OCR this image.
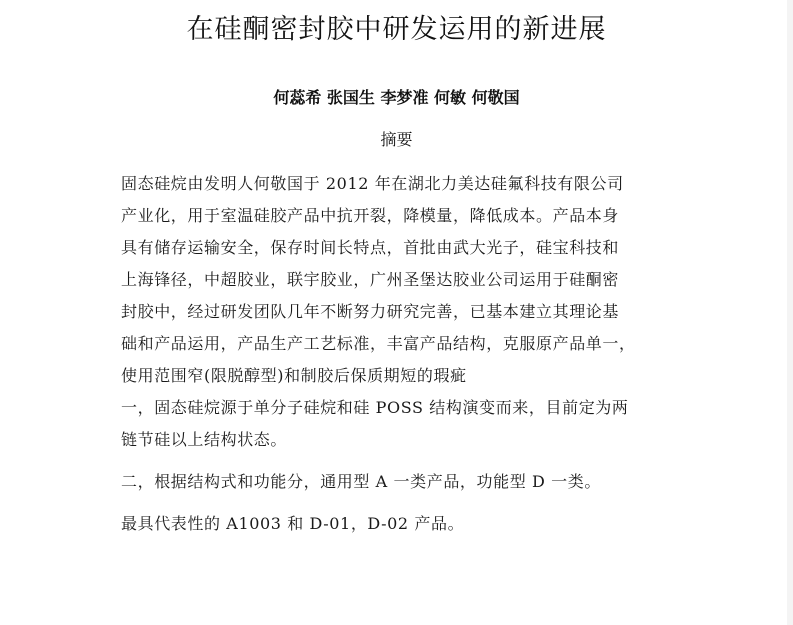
在硅酮密封胶中研发运用的新进展
何蕊希 张国生 李梦准 何敏 何敬国
摘要
固态硅烷由发明人何敬国于 2012 年在湖北力美达硅氟科技有限公司
产业化，用于室温硅胶产品中抗开裂，降模量，降低成本。产品本身
具有储存运输安全，保存时间长特点，首批由武大光子，硅宝科技和
上海锋径，中超胶业，联宇胶业，广州圣堡达胶业公司运用于硅酮密
封胶中，经过研发团队几年不断努力研究完善，已基本建立其理论基
础和产品运用，产品生产工艺标准，丰富产品结构，克服原产品单一，
使用范围窄(限脱醇型)和制胶后保质期短的瑕疵
一，固态硅烷源于单分子硅烷和硅 POSS 结构演变而来，目前定为两
链节硅以上结构状态。
二，根据结构式和功能分，通用型 A 一类产品，功能型 D 一类。
最具代表性的 A1003 和 D-01，D-02 产品。
